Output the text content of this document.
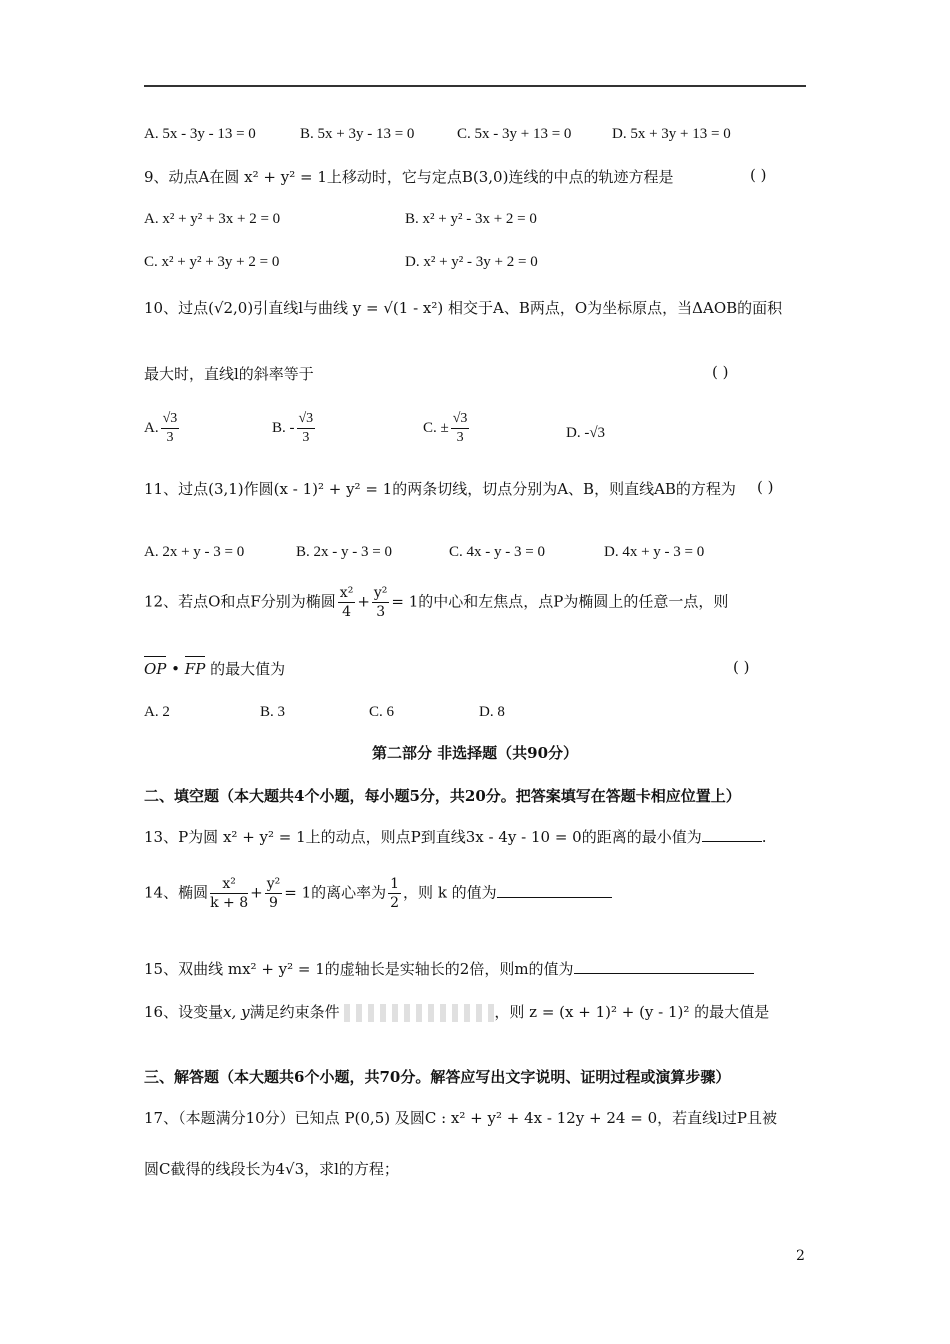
A. 5x - 3y - 13 = 0	B. 5x + 3y - 13 = 0	C. 5x - 3y + 13 = 0	D. 5x + 3y + 13 = 0
9、动点A在圆 x² + y² = 1上移动时，它与定点B(3,0)连线的中点的轨迹方程是	( )
A. x² + y² + 3x + 2 = 0	B. x² + y² - 3x + 2 = 0
C. x² + y² + 3y + 2 = 0	D. x² + y² - 3y + 2 = 0
10、过点(√2,0)引直线l与曲线 y = √(1 - x²) 相交于A、B两点，O为坐标原点，当ΔAOB的面积
最大时，直线l的斜率等于	( )
A. $\frac{√3}{3}$	B. - $\frac{√3}{3}$	C. ± $\frac{√3}{3}$	D. -√3
11、过点(3,1)作圆(x - 1)² + y² = 1的两条切线，切点分别为A、B，则直线AB的方程为 ( )
A. 2x + y - 3 = 0	B. 2x - y - 3 = 0	C. 4x - y - 3 = 0	D. 4x + y - 3 = 0
12、若点O和点F分别为椭圆 $\frac{\text{x²}}{4} + \frac{\text{y²}}{3} = 1$的中心和左焦点，点P为椭圆上的任意一点，则
OP • FP 的最大值为	( )
A. 2	B. 3	C. 6	D. 8
第二部分 非选择题（共90分）
二、填空题（本大题共4个小题，每小题5分，共20分。把答案填写在答题卡相应位置上）
13、P为圆 x² + y² = 1上的动点，则点P到直线3x - 4y - 10 = 0的距离的最小值为	.
14、椭圆 $\frac{\text{x²}}{k + 8} + \frac{\text{y²}}{9} = 1$的离心率为 $\frac{1}{2}$ ，则 k 的值为
15、双曲线 mx² + y² = 1的虚轴长是实轴长的2倍，则m的值为
16、设变量x, y满足约束条件	，则 z = (x + 1)² + (y - 1)² 的最大值是
三、解答题（本大题共6个小题，共70分。解答应写出文字说明、证明过程或演算步骤）
17、（本题满分10分）已知点 P(0,5) 及圆C : x² + y² + 4x - 12y + 24 = 0，若直线l过P且被
圆C截得的线段长为4√3，求l的方程；
2
